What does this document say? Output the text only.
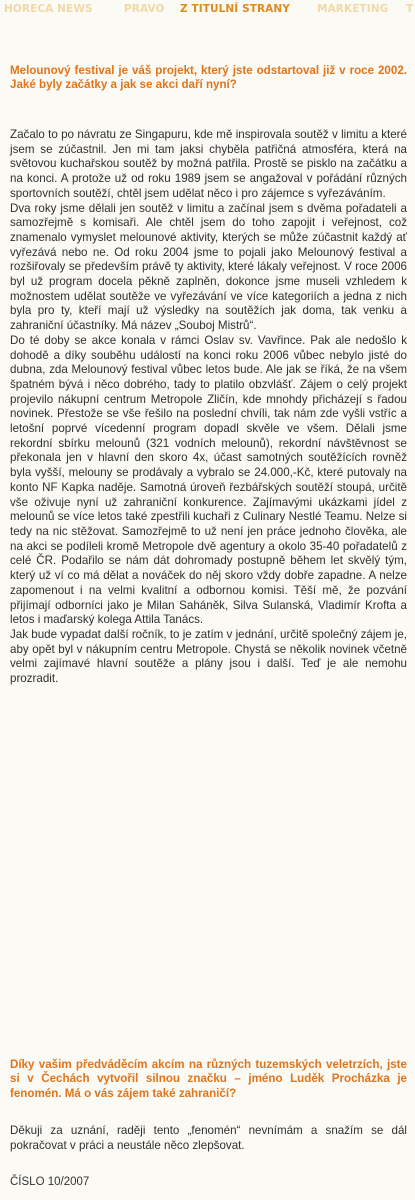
HORECA NEWS	PRAVO Z TITULNÍ STRANY	MARKETING T
Melounový festival je váš projekt, který jste odstartoval již v roce 2002. Jaké byly začátky a jak se akci daří nyní?

Začalo to po návratu ze Singapuru, kde mě inspirovala soutěž v limitu a které jsem se zúčastnil. Jen mi tam jaksi chyběla patřičná atmosféra, která na světovou kuchařskou soutěž by možná patřila. Prostě se pisklo na začátku a na konci. A protože už od roku 1989 jsem se angažoval v pořádání různých sportovních soutěží, chtěl jsem udělat něco i pro zájemce s vyřezáváním.

Dva roky jsme dělali jen soutěž v limitu a začínal jsem s dvěma pořadateli a samozřejmě s komisaři. Ale chtěl jsem do toho zapojit i veřejnost, což znamenalo vymyslet melounové aktivity, kterých se může zúčastnit každý ať vyřezává nebo ne. Od roku 2004 jsme to pojali jako Melounový festival a rozšiřovaly se především právě ty aktivity, které lákaly veřejnost. V roce 2006 byl už program docela pěkně zaplněn, dokonce jsme museli vzhledem k možnostem udělat soutěže ve vyřezávání ve více kategoriích a jedna z nich byla pro ty, kteří mají už výsledky na soutěžích jak doma, tak venku a zahraniční účastníky. Má název „Souboj Mistrů“.

Do té doby se akce konala v rámci Oslav sv. Vavřince. Pak ale nedošlo k dohodě a díky souběhu událostí na konci roku 2006 vůbec nebylo jisté do dubna, zda Melounový festival vůbec letos bude. Ale jak se říká, že na všem špatném bývá i něco dobrého, tady to platilo obzvlášť. Zájem o celý projekt projevilo nákupní centrum Metropole Zličín, kde mnohdy přicházejí s řadou novinek. Přestože se vše řešilo na poslední chvíli, tak nám zde vyšli vstříc a letošní poprvé vícedenní program dopadl skvěle ve všem. Dělali jsme rekordní sbírku melounů (321 vodních melounů), rekordní návštěvnost se překonala jen v hlavní den skoro 4x, účast samotných soutěžících rovněž byla vyšší, melouny se prodávaly a vybralo se 24.000,-Kč, které putovaly na konto NF Kapka naděje. Samotná úroveň řezbářských soutěží stoupá, určitě vše oživuje nyní už zahraniční konkurence. Zajímavými ukázkami jídel z melounů se více letos také zpestřili kuchaři z Culinary Nestlé Teamu. Nelze si tedy na nic stěžovat. Samozřejmě to už není jen práce jednoho člověka, ale na akci se podíleli kromě Metropole dvě agentury a okolo 35-40 pořadatelů z celé ČR. Podařilo se nám dát dohromady postupně během let skvělý tým, který už ví co má dělat a nováček do něj skoro vždy dobře zapadne. A nelze zapomenout i na velmi kvalitní a odbornou komisi. Těší mě, že pozvání přijímají odborníci jako je Milan Saháněk, Silva Sulanská, Vladimír Krofta a letos i maďarský kolega Attila Tanács.

Jak bude vypadat další ročník, to je zatím v jednání, určitě společný zájem je, aby opět byl v nákupním centru Metropole. Chystá se několik novinek včetně velmi zajímavé hlavní soutěže a plány jsou i další. Teď je ale nemohu prozradit.

Díky vašim předváděcím akcím na různých tuzemských veletrzích, jste si v Čechách vytvořil silnou značku – jméno Luděk Procházka je fenomén. Má o vás zájem také zahraničí?

Děkuji za uznání, raději tento „fenomén“ nevnímám a snažím se dál pokračovat v práci a neustále něco zlepšovat.

ČÍSLO 10/2007
